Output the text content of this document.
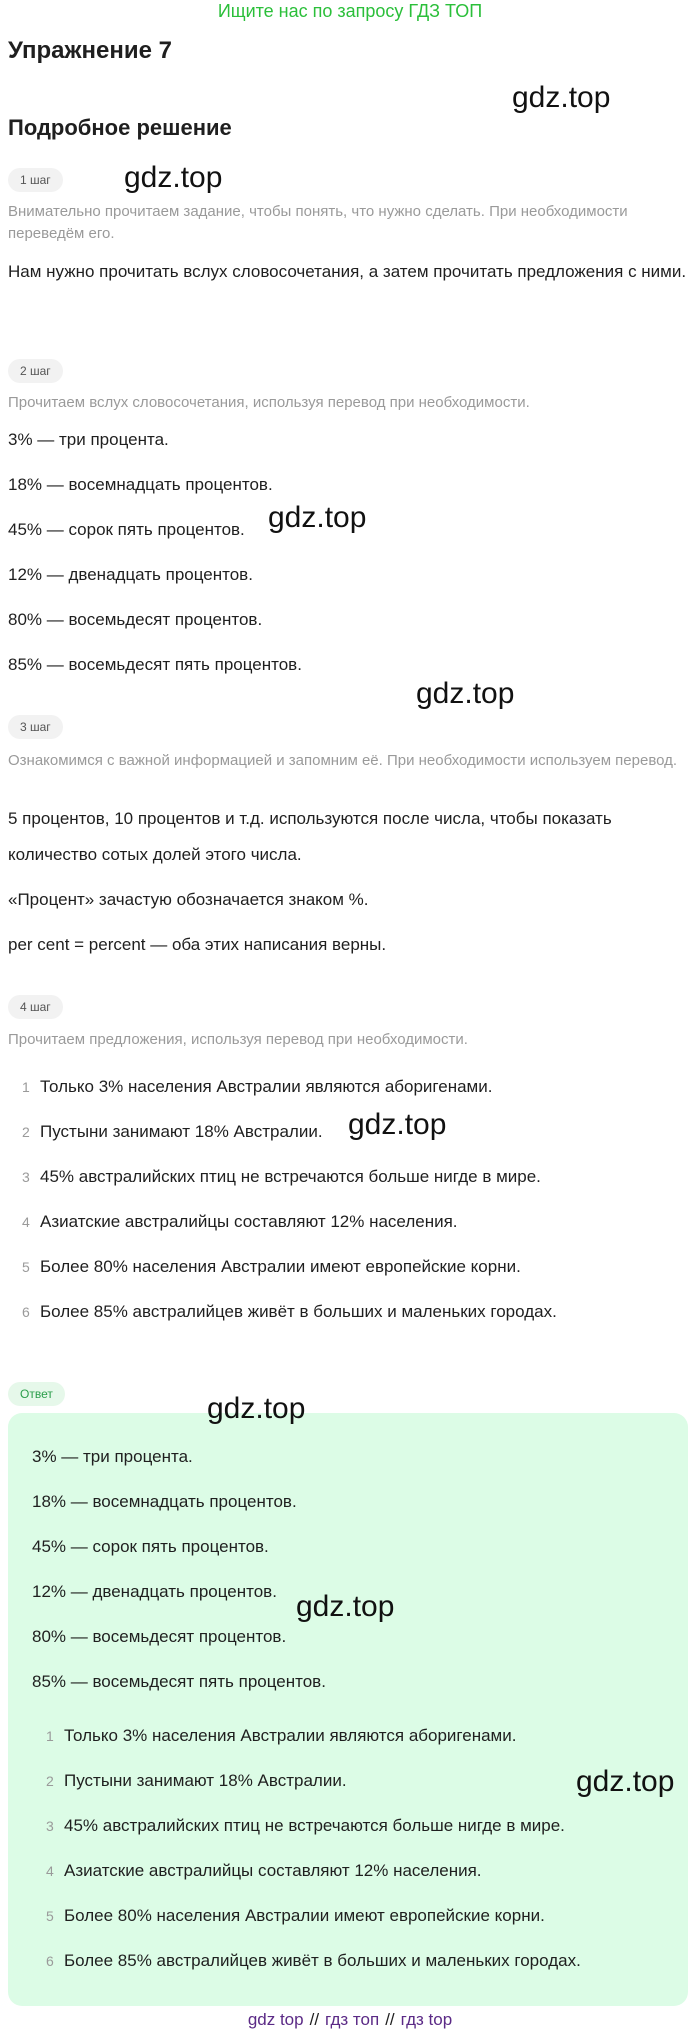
Ищите нас по запросу ГДЗ ТОП
Упражнение 7
Подробное решение
1 шаг
Внимательно прочитаем задание, чтобы понять, что нужно сделать. При необходимости переведём его.
Нам нужно прочитать вслух словосочетания, а затем прочитать предложения с ними.
2 шаг
Прочитаем вслух словосочетания, используя перевод при необходимости.
3% — три процента.
18% — восемнадцать процентов.
45% — сорок пять процентов.
12% — двенадцать процентов.
80% — восемьдесят процентов.
85% — восемьдесят пять процентов.
3 шаг
Ознакомимся с важной информацией и запомним её. При необходимости используем перевод.
5 процентов, 10 процентов и т.д. используются после числа, чтобы показать количество сотых долей этого числа.
«Процент» зачастую обозначается знаком %.
per cent = percent — оба этих написания верны.
4 шаг
Прочитаем предложения, используя перевод при необходимости.
1 Только 3% населения Австралии являются аборигенами.
2 Пустыни занимают 18% Австралии.
3 45% австралийских птиц не встречаются больше нигде в мире.
4 Азиатские австралийцы составляют 12% населения.
5 Более 80% населения Австралии имеют европейские корни.
6 Более 85% австралийцев живёт в больших и маленьких городах.
Ответ
3% — три процента.
18% — восемнадцать процентов.
45% — сорок пять процентов.
12% — двенадцать процентов.
80% — восемьдесят процентов.
85% — восемьдесят пять процентов.
1 Только 3% населения Австралии являются аборигенами.
2 Пустыни занимают 18% Австралии.
3 45% австралийских птиц не встречаются больше нигде в мире.
4 Азиатские австралийцы составляют 12% населения.
5 Более 80% населения Австралии имеют европейские корни.
6 Более 85% австралийцев живёт в больших и маленьких городах.
gdz.top
gdz.top
gdz.top
gdz.top
gdz.top
gdz.top
gdz.top
gdz.top
gdz top // гдз топ // гдз top
